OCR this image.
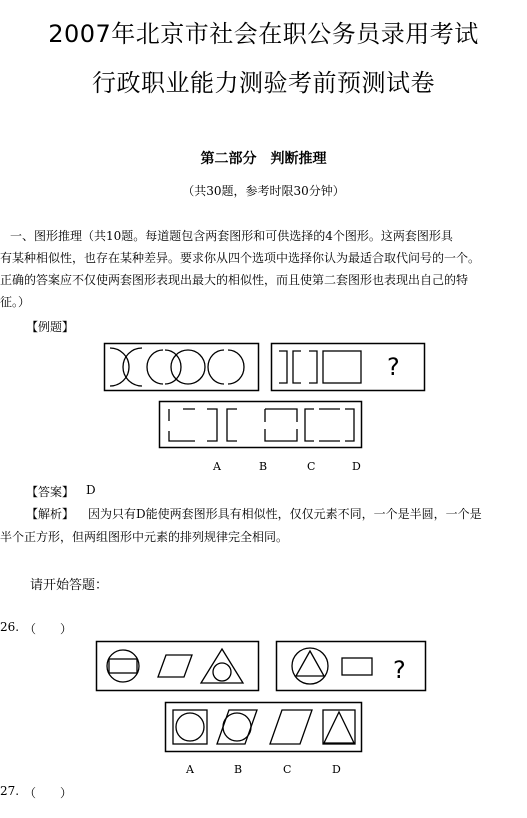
2007年北京市社会在职公务员录用考试
行政职业能力测验考前预测试卷
第二部分　判断推理
（共30题，参考时限30分钟）
一、图形推理（共10题。每道题包含两套图形和可供选择的4个图形。这两套图形具
有某种相似性，也存在某种差异。要求你从四个选项中选择你认为最适合取代问号的一个。
正确的答案应不仅使两套图形表现出最大的相似性，而且使第二套图形也表现出自己的特
征。）
【例题】
?
A	B	C	D
【答案】 D
【解析】 因为只有D能使两套图形具有相似性，仅仅元素不同，一个是半圆，一个是
半个正方形，但两组图形中元素的排列规律完全相同。
请开始答题：
26. （　　）
?
A	B	C	D
27. （　　）
